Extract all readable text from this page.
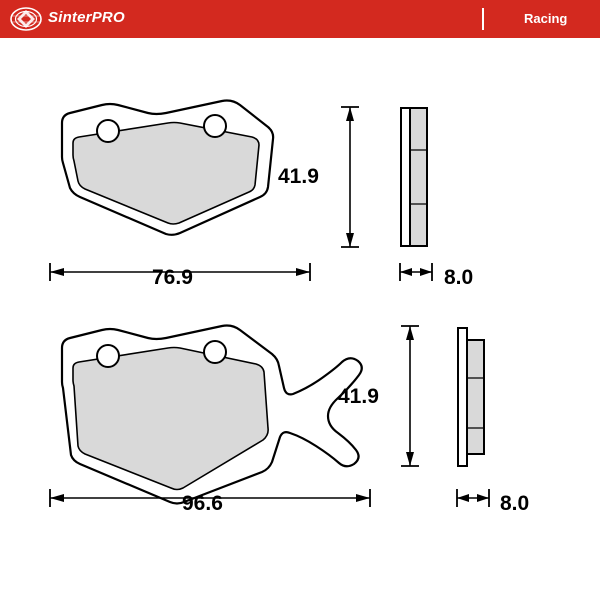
SinterPRO	Racing
76.9
41.9
8.0
96.6
41.9
8.0
